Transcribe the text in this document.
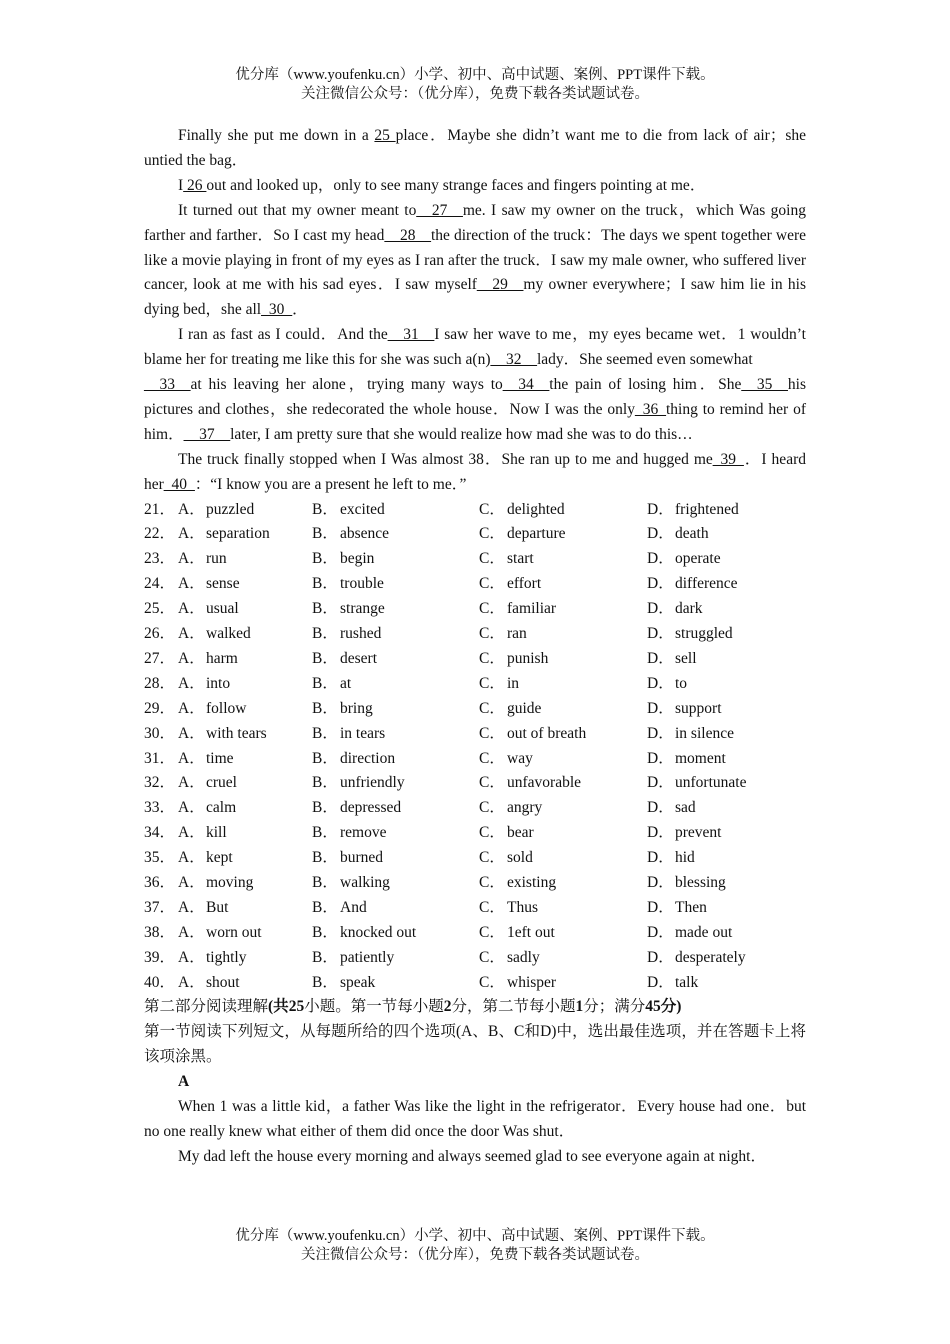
优分库（www.youfenku.cn）小学、初中、高中试题、案例、PPT课件下载。
关注微信公众号：（优分库），免费下载各类试题试卷。

Finally she put me down in a 25 place．Maybe she didn’t want me to die from lack of air；she untied the bag．

I 26 out and looked up，only to see many strange faces and fingers pointing at me．

It turned out that my owner meant to__27__me. I saw my owner on the truck，which Was going farther and farther．So I cast my head__28__the direction of the truck：The days we spent together were like a movie playing in front of my eyes as I ran after the truck．I saw my male owner, who suffered liver cancer, look at me with his sad eyes．I saw myself__29__my owner everywhere；I saw him lie in his dying bed，she all_30_．

I ran as fast as I could．And the__31__I saw her wave to me，my eyes became wet．1 wouldn’t blame her for treating me like this for she was such a(n)__32__lady．She seemed even somewhat

__33__at his leaving her alone，trying many ways to__34__the pain of losing him．She__35__his pictures and clothes，she redecorated the whole house．Now I was the only_36_thing to remind her of him．__37__later, I am pretty sure that she would realize how mad she was to do this…

The truck finally stopped when I Was almost 38．She ran up to me and hugged me_39_．I heard her_40_：“I know you are a present he left to me．”

21． A． puzzled	B． excited	C． delighted	D． frightened
22． A． separation	B． absence	C． departure	D． death
23． A． run	B． begin	C． start	D． operate
24． A． sense	B． trouble	C． effort	D． difference
25． A． usual	B． strange	C． familiar	D． dark
26． A． walked	B． rushed	C． ran	D． struggled
27． A． harm	B． desert	C． punish	D． sell
28． A． into	B． at	C． in	D． to
29． A． follow	B． bring	C． guide	D． support
30． A． with tears	B． in tears	C． out of breath	D． in silence
31． A． time	B． direction	C． way	D． moment
32． A． cruel	B． unfriendly	C． unfavorable	D． unfortunate
33． A． calm	B． depressed	C． angry	D． sad
34． A． kill	B． remove	C． bear	D． prevent
35． A． kept	B． burned	C． sold	D． hid
36． A． moving	B． walking	C． existing	D． blessing
37． A． But	B． And	C． Thus	D． Then
38． A． worn out	B． knocked out	C． 1eft out	D． made out
39． A． tightly	B． patiently	C． sadly	D． desperately
40． A． shout	B． speak	C． whisper	D． talk

第二部分阅读理解(共25小题。第一节每小题2分，第二节每小题1分；满分45分)

第一节阅读下列短文，从每题所给的四个选项(A、B、C和D)中，选出最佳选项，并在答题卡上将该项涂黑。

A

When 1 was a little kid，a father Was like the light in the refrigerator．Every house had one．but no one really knew what either of them did once the door Was shut．

My dad left the house every morning and always seemed glad to see everyone again at night．

优分库（www.youfenku.cn）小学、初中、高中试题、案例、PPT课件下载。
关注微信公众号：（优分库），免费下载各类试题试卷。
